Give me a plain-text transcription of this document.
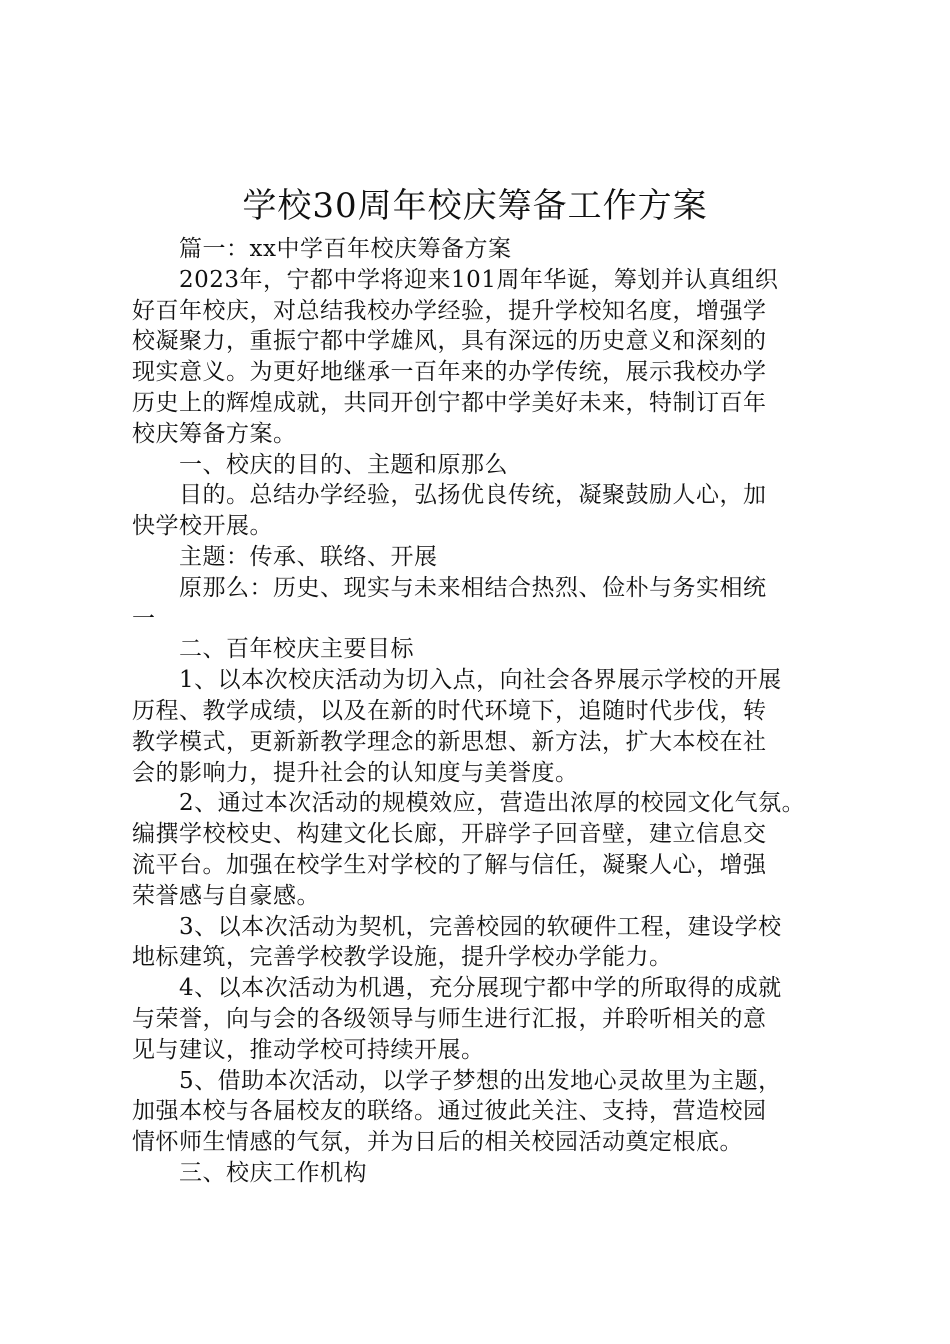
学校30周年校庆筹备工作方案
篇一：xx中学百年校庆筹备方案
2023年，宁都中学将迎来101周年华诞，筹划并认真组织
好百年校庆，对总结我校办学经验，提升学校知名度，增强学
校凝聚力，重振宁都中学雄风，具有深远的历史意义和深刻的
现实意义。为更好地继承一百年来的办学传统，展示我校办学
历史上的辉煌成就，共同开创宁都中学美好未来，特制订百年
校庆筹备方案。
一、校庆的目的、主题和原那么
目的。总结办学经验，弘扬优良传统，凝聚鼓励人心，加
快学校开展。
主题：传承、联络、开展
原那么：历史、现实与未来相结合热烈、俭朴与务实相统
一
二、百年校庆主要目标
1、以本次校庆活动为切入点，向社会各界展示学校的开展
历程、教学成绩，以及在新的时代环境下，追随时代步伐，转
教学模式，更新新教学理念的新思想、新方法，扩大本校在社
会的影响力，提升社会的认知度与美誉度。
2、通过本次活动的规模效应，营造出浓厚的校园文化气氛。
编撰学校校史、构建文化长廊，开辟学子回音壁，建立信息交
流平台。加强在校学生对学校的了解与信任，凝聚人心，增强
荣誉感与自豪感。
3、以本次活动为契机，完善校园的软硬件工程，建设学校
地标建筑，完善学校教学设施，提升学校办学能力。
4、以本次活动为机遇，充分展现宁都中学的所取得的成就
与荣誉，向与会的各级领导与师生进行汇报，并聆听相关的意
见与建议，推动学校可持续开展。
5、借助本次活动，以学子梦想的出发地心灵故里为主题，
加强本校与各届校友的联络。通过彼此关注、支持，营造校园
情怀师生情感的气氛，并为日后的相关校园活动奠定根底。
三、校庆工作机构
